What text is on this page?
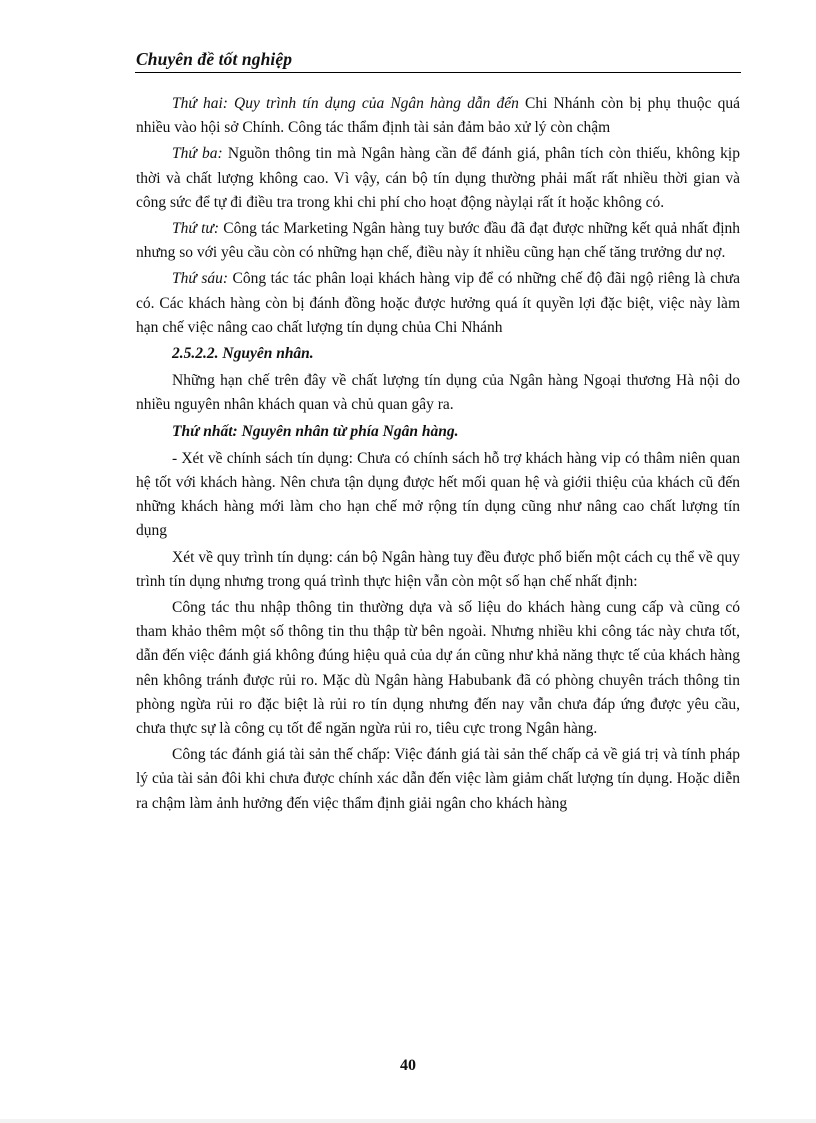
Chuyên đề tốt nghiệp

Thứ hai: Quy trình tín dụng của Ngân hàng dẫn đến Chi Nhánh còn bị phụ thuộc quá nhiều vào hội sở Chính. Công tác thẩm định tài sản đảm bảo xử lý còn chậm

Thứ ba: Nguồn thông tin mà Ngân hàng cần để đánh giá, phân tích còn thiếu, không kịp thời và chất lượng không cao. Vì vậy, cán bộ tín dụng thường phải mất rất nhiều thời gian và công sức để tự đi điều tra trong khi chi phí cho hoạt động nàylại rất ít hoặc không có.

Thứ tư: Công tác Marketing Ngân hàng tuy bước đầu đã đạt được những kết quả nhất định nhưng so với yêu cầu còn có những hạn chế, điều này ít nhiều cũng hạn chế tăng trưởng dư nợ.

Thứ sáu: Công tác tác phân loại khách hàng vip để có những chế độ đãi ngộ riêng là chưa có. Các khách hàng còn bị đánh đồng hoặc được hưởng quá ít quyền lợi đặc biệt, việc này làm hạn chế việc nâng cao chất lượng tín dụng chủa Chi Nhánh

2.5.2.2. Nguyên nhân.

Những hạn chế trên đây về chất lượng tín dụng của Ngân hàng Ngoại thương Hà nội do nhiều nguyên nhân khách quan và chủ quan gây ra.

Thứ nhất: Nguyên nhân từ phía Ngân hàng.

- Xét về chính sách tín dụng: Chưa có chính sách hỗ trợ khách hàng vip có thâm niên quan hệ tốt với khách hàng. Nên chưa tận dụng được hết mối quan hệ và giớii thiệu của khách cũ đến những khách hàng mới làm cho hạn chế mở rộng tín dụng cũng như nâng cao chất lượng tín dụng

Xét về quy trình tín dụng: cán bộ Ngân hàng tuy đều được phổ biến một cách cụ thể về quy trình tín dụng nhưng trong quá trình thực hiện vẫn còn một số hạn chế nhất định:

Công tác thu nhập thông tin thường dựa và số liệu do khách hàng cung cấp và cũng có tham khảo thêm một số thông tin thu thập từ bên ngoài. Nhưng nhiều khi công tác này chưa tốt, dẫn đến việc đánh giá không đúng hiệu quả của dự án cũng như khả năng thực tế của khách hàng nên không tránh được rủi ro. Mặc dù Ngân hàng Habubank đã có phòng chuyên trách thông tin phòng ngừa rủi ro đặc biệt là rủi ro tín dụng nhưng đến nay vẫn chưa đáp ứng được yêu cầu, chưa thực sự là công cụ tốt để ngăn ngừa rủi ro, tiêu cực trong Ngân hàng.

Công tác đánh giá tài sản thế chấp: Việc đánh giá tài sản thế chấp cả về giá trị và tính pháp lý của tài sản đôi khi chưa được chính xác dẫn đến việc làm giảm chất lượng tín dụng. Hoặc diễn ra chậm làm ảnh hưởng đến việc thẩm định giải ngân cho khách hàng

40
